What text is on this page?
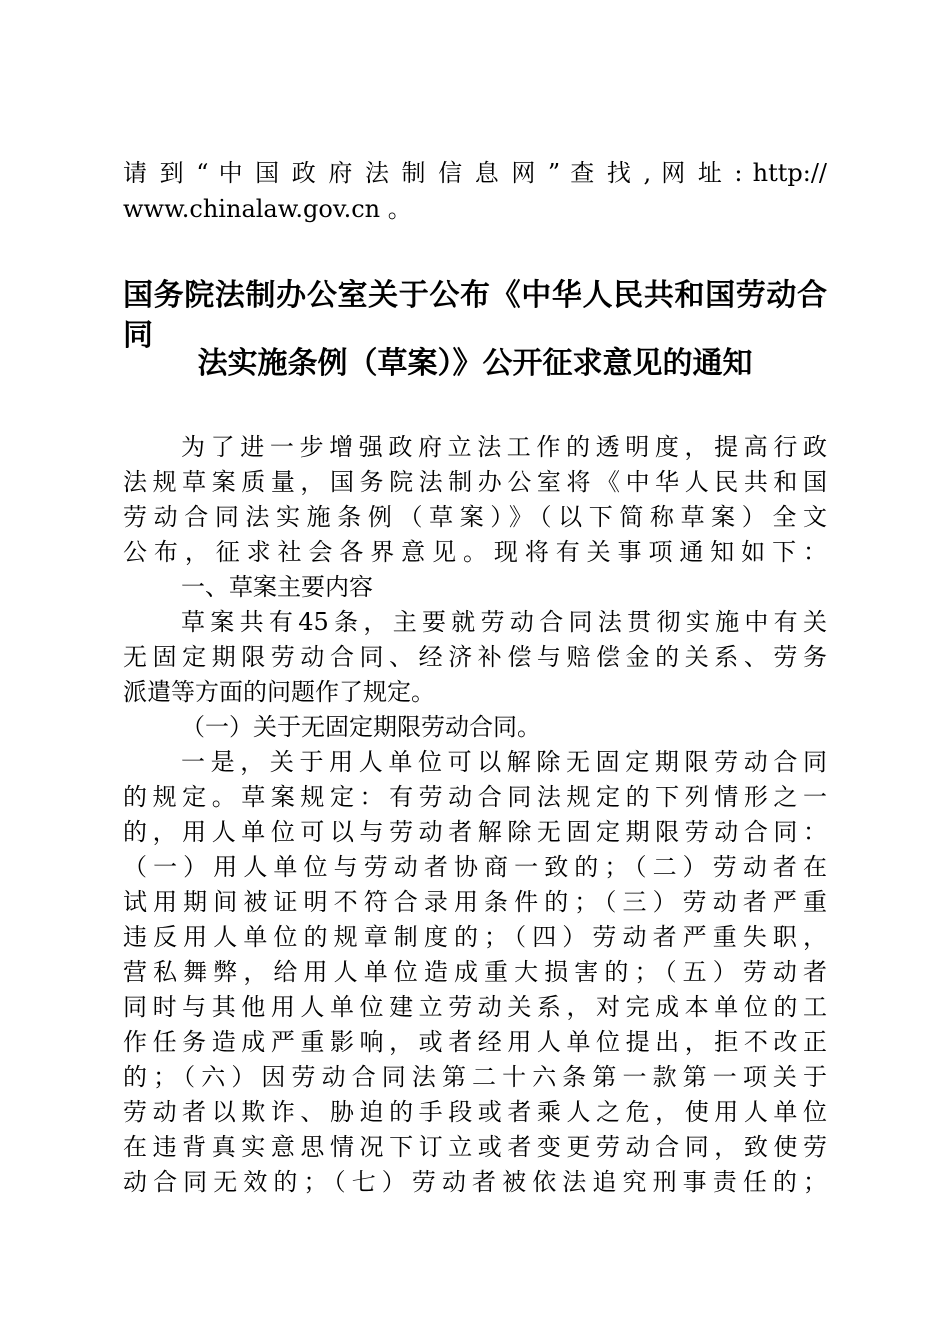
请 到 “ 中 国 政 府 法 制 信 息 网 ” 查 找 , 网 址 : http://
www.chinalaw.gov.cn 。
国务院法制办公室关于公布《中华人民共和国劳动合同
法实施条例（草案）》公开征求意见的通知
为了进一步增强政府立法工作的透明度，提高行政
法规草案质量，国务院法制办公室将《中华人民共和国
劳动合同法实施条例（草案）》（以下简称草案）全文
公布，征求社会各界意见。现将有关事项通知如下：
一、草案主要内容
草案共有45条，主要就劳动合同法贯彻实施中有关
无固定期限劳动合同、经济补偿与赔偿金的关系、劳务
派遣等方面的问题作了规定。
（一）关于无固定期限劳动合同。
一是，关于用人单位可以解除无固定期限劳动合同
的规定。草案规定：有劳动合同法规定的下列情形之一
的，用人单位可以与劳动者解除无固定期限劳动合同：
（一）用人单位与劳动者协商一致的；（二）劳动者在
试用期间被证明不符合录用条件的；（三）劳动者严重
违反用人单位的规章制度的；（四）劳动者严重失职，
营私舞弊，给用人单位造成重大损害的；（五）劳动者
同时与其他用人单位建立劳动关系，对完成本单位的工
作任务造成严重影响，或者经用人单位提出，拒不改正
的；（六）因劳动合同法第二十六条第一款第一项关于
劳动者以欺诈、胁迫的手段或者乘人之危，使用人单位
在违背真实意思情况下订立或者变更劳动合同，致使劳
动合同无效的；（七）劳动者被依法追究刑事责任的；
